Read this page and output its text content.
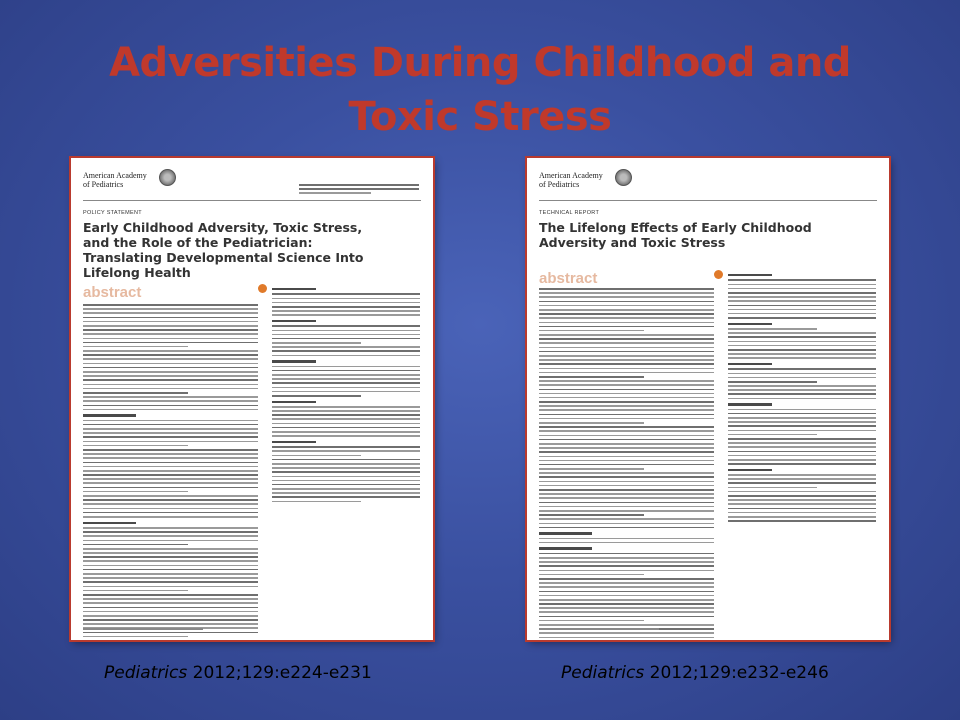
Adversities During Childhood and Toxic Stress
American Academy of Pediatrics
POLICY STATEMENT
Early Childhood Adversity, Toxic Stress, and the Role of the Pediatrician: Translating Developmental Science Into Lifelong Health
abstract
American Academy of Pediatrics
TECHNICAL REPORT
The Lifelong Effects of Early Childhood Adversity and Toxic Stress
abstract
Pediatrics 2012;129:e224-e231	Pediatrics 2012;129:e232-e246
